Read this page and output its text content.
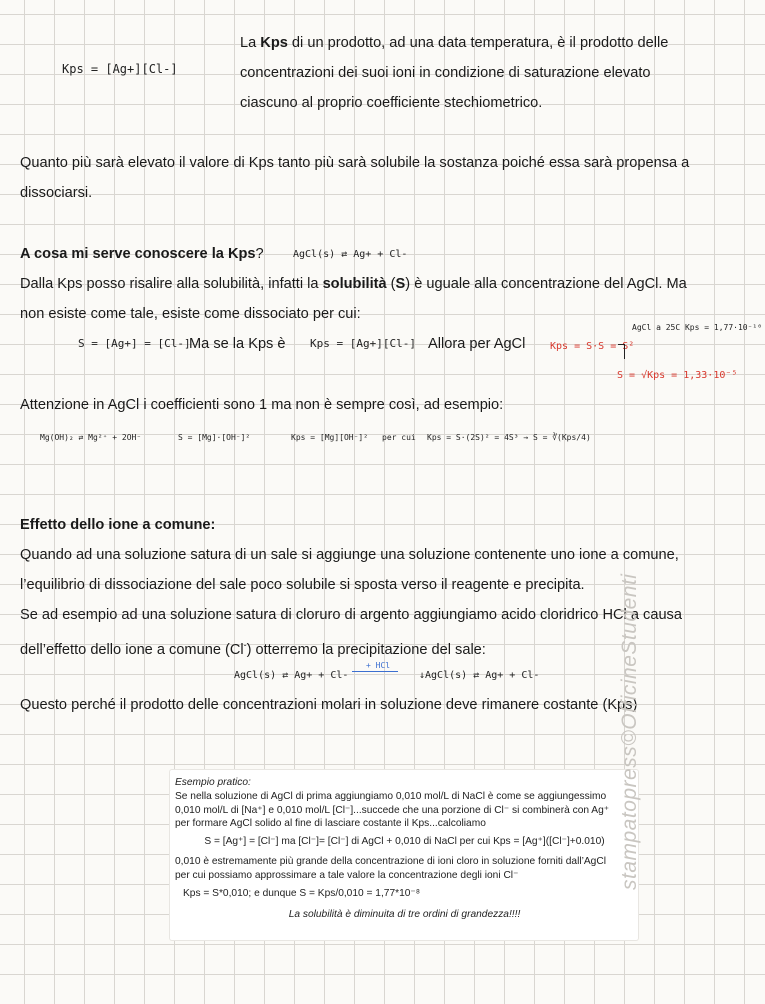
Kps = [Ag+][Cl-]

La Kps di un prodotto, ad una data temperatura, è il prodotto delle

concentrazioni dei suoi ioni in condizione di saturazione elevato

ciascuno al proprio coefficiente stechiometrico.

Quanto più sarà elevato il valore di Kps tanto più sarà solubile la sostanza poiché essa sarà propensa a

dissociarsi.

A cosa mi serve conoscere la Kps?

Dalla Kps posso risalire alla solubilità, infatti la solubilità (S) è uguale alla concentrazione del AgCl. Ma

non esiste come tale, esiste come dissociato per cui:

AgCl(s) ⇄ Ag+ + Cl-
S = [Ag+] = [Cl-]
Ma se la Kps è Kps = [Ag+][Cl-] Allora per AgCl
AgCl a 25C Kps = 1,77·10⁻¹⁰
Kps = S·S = S²
S = √Kps = 1,33·10⁻⁵
Attenzione in AgCl i coefficienti sono 1 ma non è sempre così, ad esempio:
Mg(OH)₂ ⇄ Mg²⁺ + 2OH⁻	S = [Mg]·[OH⁻]²	Kps = [Mg][OH⁻]² per cui Kps = S·(2S)² = 4S³ → S = ∛(Kps/4)

Effetto dello ione a comune:

Quando ad una soluzione satura di un sale si aggiunge una soluzione contenente uno ione a comune,

l’equilibrio di dissociazione del sale poco solubile si sposta verso il reagente e precipita.

Se ad esempio ad una soluzione satura di cloruro di argento aggiungiamo acido cloridrico HCl a causa

dell’effetto dello ione a comune (Cl-) otterremo la precipitazione del sale:

AgCl(s) ⇄ Ag+ + Cl-
+ HCl
↓AgCl(s) ⇄ Ag+ + Cl-
Questo perché il prodotto delle concentrazioni molari in soluzione deve rimanere costante (Kps)
Esempio pratico:
Se nella soluzione di AgCl di prima aggiungiamo 0,010 mol/L di NaCl è come se aggiungessimo
0,010 mol/L di [Na⁺] e 0,010 mol/L [Cl⁻]...succede che una porzione di Cl⁻ si combinerà con Ag⁺
per formare AgCl solido al fine di lasciare costante il Kps...calcoliamo
S = [Ag⁺] = [Cl⁻] ma [Cl⁻]= [Cl⁻] di AgCl + 0,010 di NaCl per cui Kps = [Ag⁺]([Cl⁻]+0.010)
0,010 è estremamente più grande della concentrazione di ioni cloro in soluzione forniti dall’AgCl
per cui possiamo approssimare a tale valore la concentrazione degli ioni Cl⁻
Kps = S*0,010; e dunque S = Kps/0,010 = 1,77*10⁻⁸
La solubilità è diminuita di tre ordini di grandezza!!!!
stampatopress©OfficineStudenti
